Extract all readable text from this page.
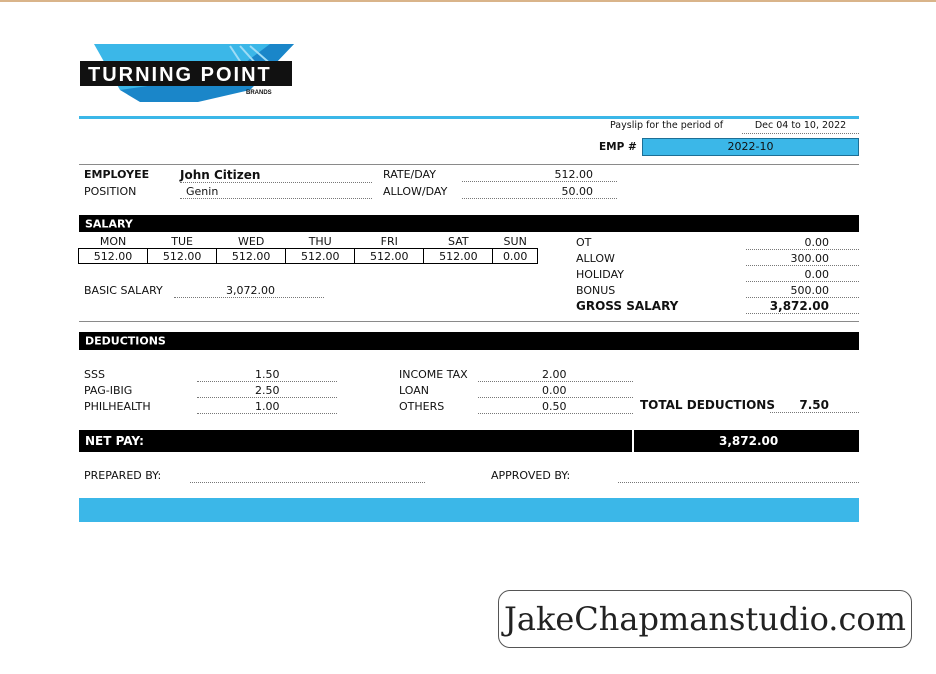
TURNING POINT
BRANDS
Payslip for the period of	Dec 04 to 10, 2022
EMP #	2022-10
EMPLOYEE	John Citizen
POSITION	Genin
RATE/DAY	512.00
ALLOW/DAY	50.00
SALARY
MON	TUE	WED	THU	FRI	SAT	SUN
512.00	512.00	512.00	512.00	512.00	512.00	0.00
BASIC SALARY	3,072.00
OT	0.00
ALLOW	300.00
HOLIDAY	0.00
BONUS	500.00
GROSS SALARY	3,872.00
DEDUCTIONS
SSS	1.50
PAG-IBIG	2.50
PHILHEALTH	1.00
INCOME TAX	2.00
LOAN	0.00
OTHERS	0.50	TOTAL DEDUCTIONS	7.50
NET PAY:	3,872.00
PREPARED BY:	APPROVED BY:
JakeChapmanstudio.com
